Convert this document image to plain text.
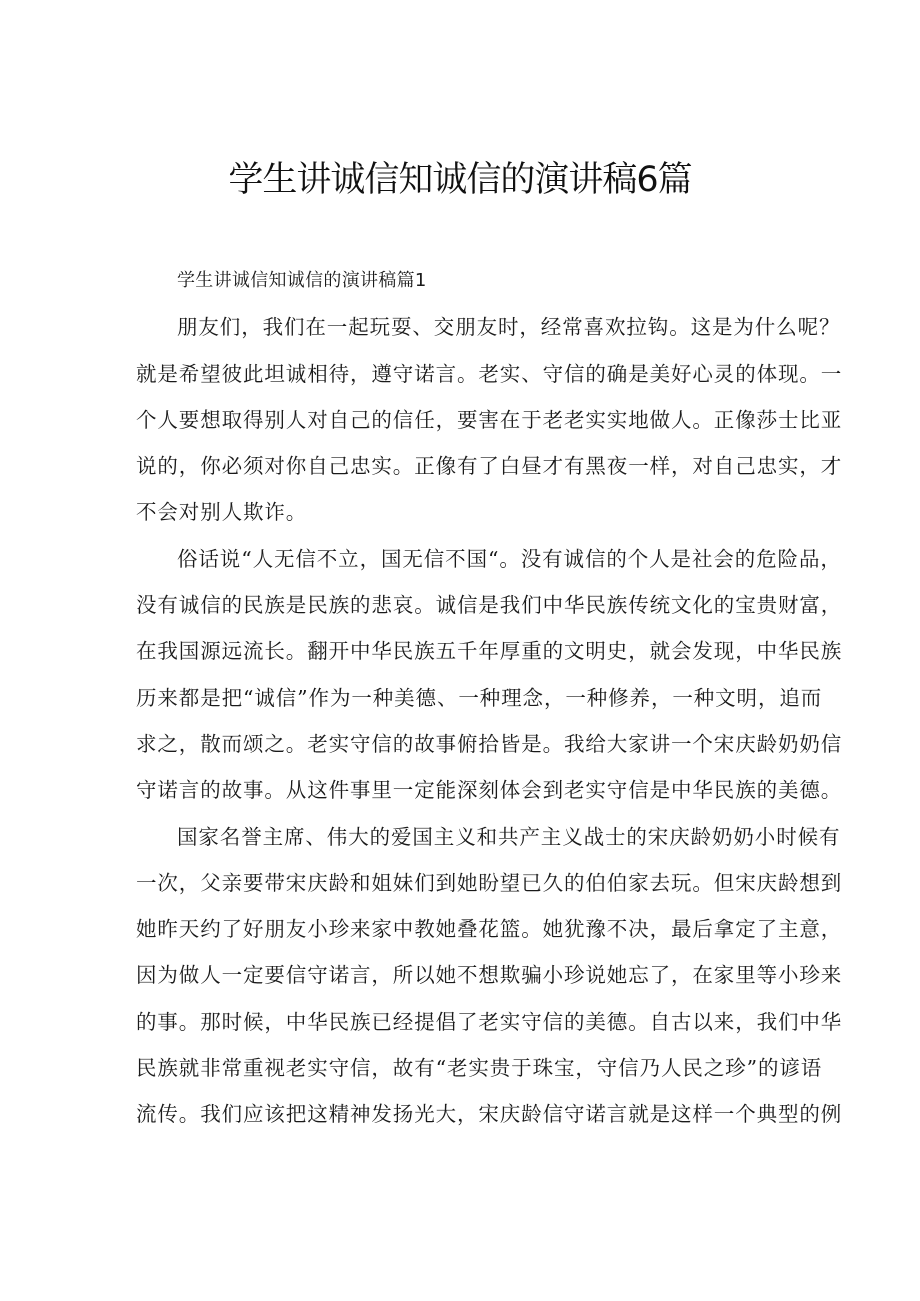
学生讲诚信知诚信的演讲稿6篇

学生讲诚信知诚信的演讲稿篇1

朋友们，我们在一起玩耍、交朋友时，经常喜欢拉钩。这是为什么呢？
就是希望彼此坦诚相待，遵守诺言。老实、守信的确是美好心灵的体现。一
个人要想取得别人对自己的信任，要害在于老老实实地做人。正像莎士比亚
说的，你必须对你自己忠实。正像有了白昼才有黑夜一样，对自己忠实，才
不会对别人欺诈。

俗话说“人无信不立，国无信不国“。没有诚信的个人是社会的危险品，
没有诚信的民族是民族的悲哀。诚信是我们中华民族传统文化的宝贵财富，
在我国源远流长。翻开中华民族五千年厚重的文明史，就会发现，中华民族
历来都是把“诚信”作为一种美德、一种理念，一种修养，一种文明，追而
求之，散而颂之。老实守信的故事俯拾皆是。我给大家讲一个宋庆龄奶奶信
守诺言的故事。从这件事里一定能深刻体会到老实守信是中华民族的美德。

国家名誉主席、伟大的爱国主义和共产主义战士的宋庆龄奶奶小时候有
一次，父亲要带宋庆龄和姐妹们到她盼望已久的伯伯家去玩。但宋庆龄想到
她昨天约了好朋友小珍来家中教她叠花篮。她犹豫不决，最后拿定了主意，
因为做人一定要信守诺言，所以她不想欺骗小珍说她忘了，在家里等小珍来
的事。那时候，中华民族已经提倡了老实守信的美德。自古以来，我们中华
民族就非常重视老实守信，故有“老实贵于珠宝，守信乃人民之珍”的谚语
流传。我们应该把这精神发扬光大，宋庆龄信守诺言就是这样一个典型的例
